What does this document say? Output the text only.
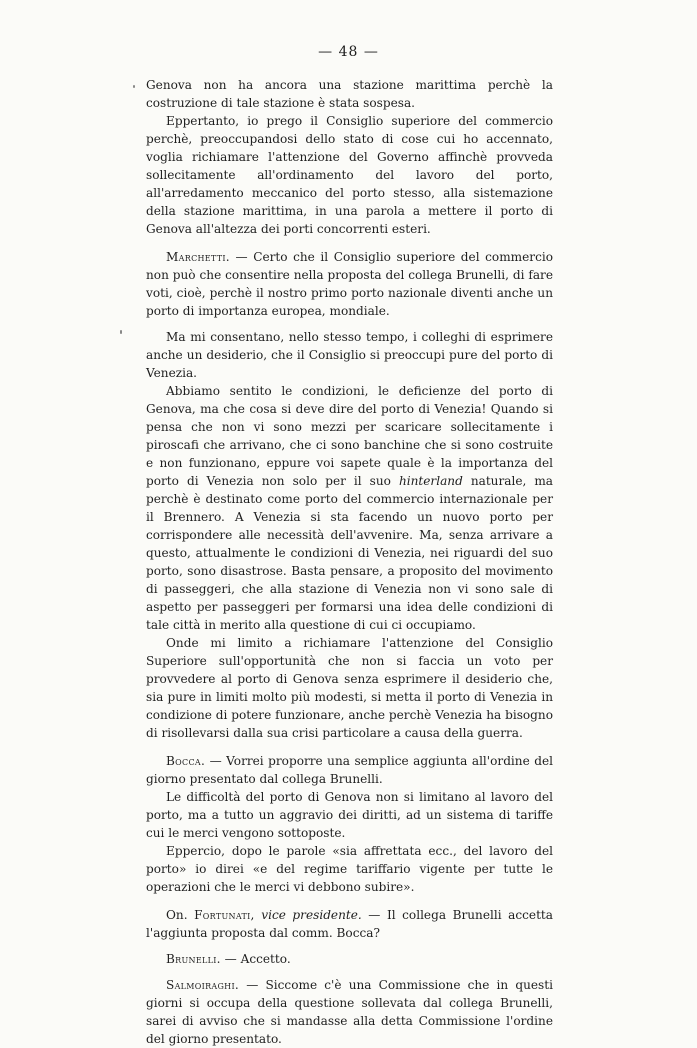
— 48 —

Genova non ha ancora una stazione marittima perchè la costruzione di tale stazione è stata sospesa.

Eppertanto, io prego il Consiglio superiore del commercio perchè, preoccupandosi dello stato di cose cui ho accennato, voglia richiamare l'attenzione del Governo affinchè provveda sollecitamente all'ordinamento del lavoro del porto, all'arredamento meccanico del porto stesso, alla sistemazione della stazione marittima, in una parola a mettere il porto di Genova all'altezza dei porti concorrenti esteri.

Marchetti. — Certo che il Consiglio superiore del commercio non può che consentire nella proposta del collega Brunelli, di fare voti, cioè, perchè il nostro primo porto nazionale diventi anche un porto di importanza europea, mondiale.

Ma mi consentano, nello stesso tempo, i colleghi di esprimere anche un desiderio, che il Consiglio si preoccupi pure del porto di Venezia.

Abbiamo sentito le condizioni, le deficienze del porto di Genova, ma che cosa si deve dire del porto di Venezia! Quando si pensa che non vi sono mezzi per scaricare sollecitamente i piroscafi che arrivano, che ci sono banchine che si sono costruite e non funzionano, eppure voi sapete quale è la importanza del porto di Venezia non solo per il suo hinterland naturale, ma perchè è destinato come porto del commercio internazionale per il Brennero. A Venezia si sta facendo un nuovo porto per corrispondere alle necessità dell'avvenire. Ma, senza arrivare a questo, attualmente le condizioni di Venezia, nei riguardi del suo porto, sono disastrose. Basta pensare, a proposito del movimento di passeggeri, che alla stazione di Venezia non vi sono sale di aspetto per passeggeri per formarsi una idea delle condizioni di tale città in merito alla questione di cui ci occupiamo.

Onde mi limito a richiamare l'attenzione del Consiglio Superiore sull'opportunità che non si faccia un voto per provvedere al porto di Genova senza esprimere il desiderio che, sia pure in limiti molto più modesti, si metta il porto di Venezia in condizione di potere funzionare, anche perchè Venezia ha bisogno di risollevarsi dalla sua crisi particolare a causa della guerra.

Bocca. — Vorrei proporre una semplice aggiunta all'ordine del giorno presentato dal collega Brunelli.

Le difficoltà del porto di Genova non si limitano al lavoro del porto, ma a tutto un aggravio dei diritti, ad un sistema di tariffe cui le merci vengono sottoposte.

Eppercio, dopo le parole «sia affrettata ecc., del lavoro del porto» io direi «e del regime tariffario vigente per tutte le operazioni che le merci vi debbono subire».

On. Fortunati, vice presidente. — Il collega Brunelli accetta l'aggiunta proposta dal comm. Bocca?

Brunelli. — Accetto.

Salmoiraghi. — Siccome c'è una Commissione che in questi giorni si occupa della questione sollevata dal collega Brunelli, sarei di avviso che si mandasse alla detta Commissione l'ordine del giorno presentato.
